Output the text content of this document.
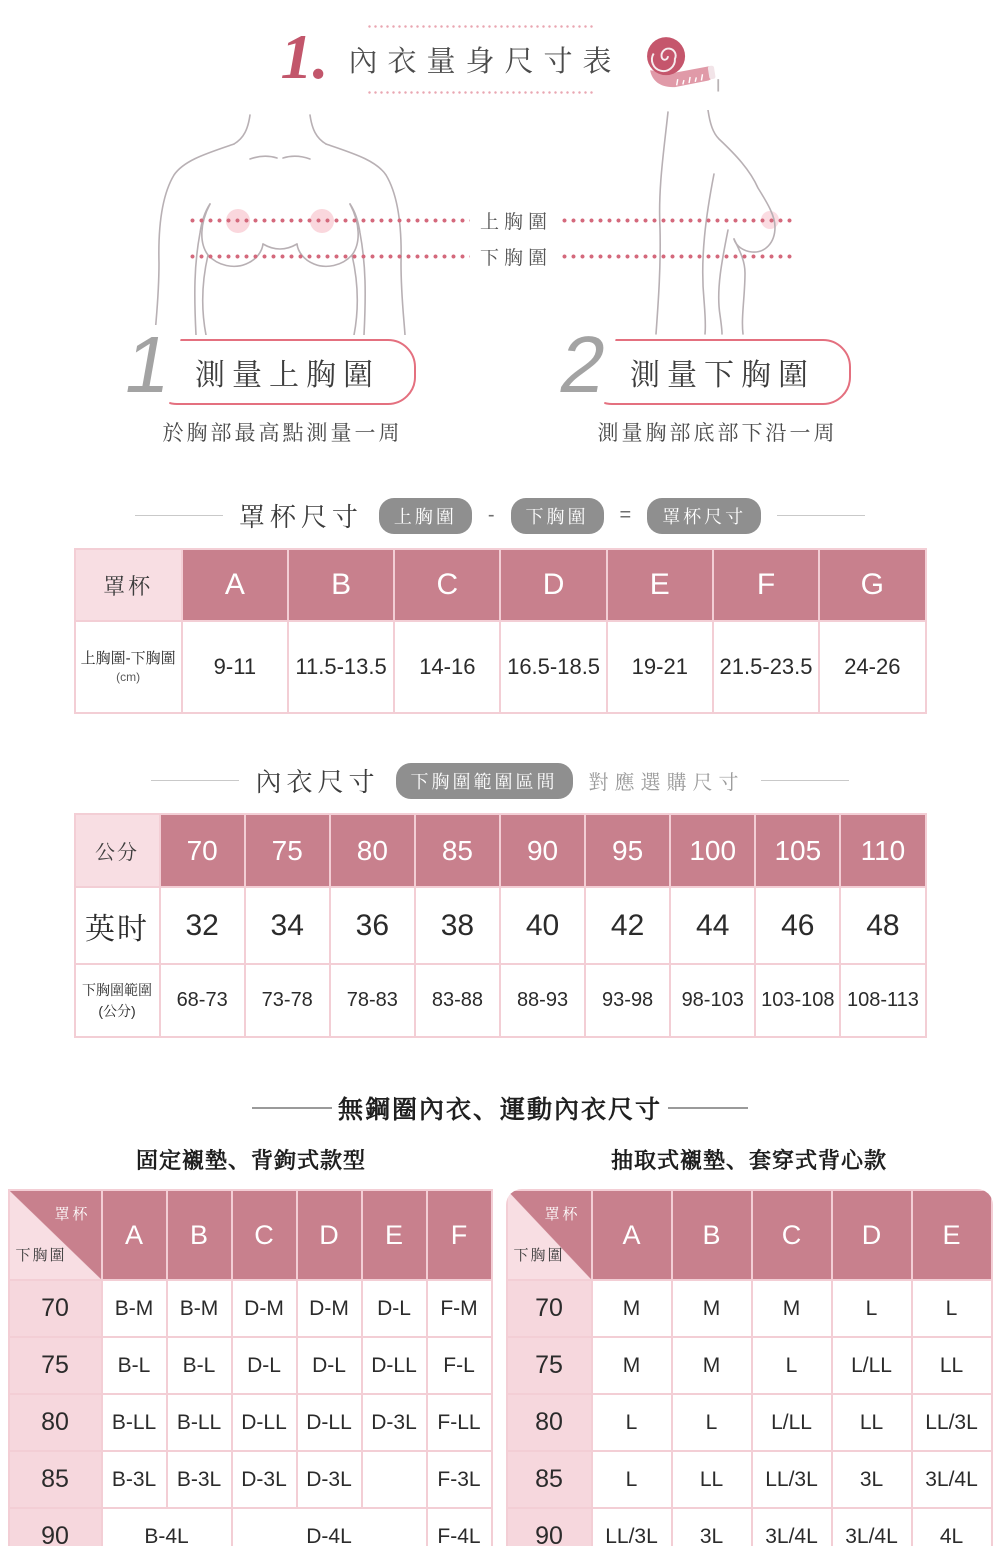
1. 內衣量身尺寸表
上胸圍
下胸圍
1 測量上胸圍
於胸部最高點測量一周
2 測量下胸圍
測量胸部底部下沿一周
罩杯尺寸	上胸圍	-	下胸圍	=	罩杯尺寸
罩杯	A	B	C	D	E	F	G

上胸圍-下胸圍
(cm)	9-11	11.5-13.5	14-16	16.5-18.5	19-21	21.5-23.5	24-26
內衣尺寸	下胸圍範圍區間	對應選購尺寸
公分	70	75	80	85	90	95	100	105	110
英时	32	34	36	38	40	42	44	46	48

下胸圍範圍
(公分)	68-73	73-78	78-83	83-88	88-93	93-98	98-103	103-108	108-113
無鋼圈內衣、運動內衣尺寸
固定襯墊、背鉤式款型	抽取式襯墊、套穿式背心款
罩杯
下胸圍	A	B	C	D	E	F
70	B-M	B-M	D-M	D-M	D-L	F-M
75	B-L	B-L	D-L	D-L	D-LL	F-L
80	B-LL	B-LL	D-LL	D-LL	D-3L	F-LL
85	B-3L	B-3L	D-3L	D-3L		F-3L
90	B-4L		D-4L			F-4L
罩杯
下胸圍	A	B	C	D	E
70	M	M	M	L	L
75	M	M	L	L/LL	LL
80	L	L	L/LL	LL	LL/3L
85	L	LL	LL/3L	3L	3L/4L
90	LL/3L	3L	3L/4L	3L/4L	4L
